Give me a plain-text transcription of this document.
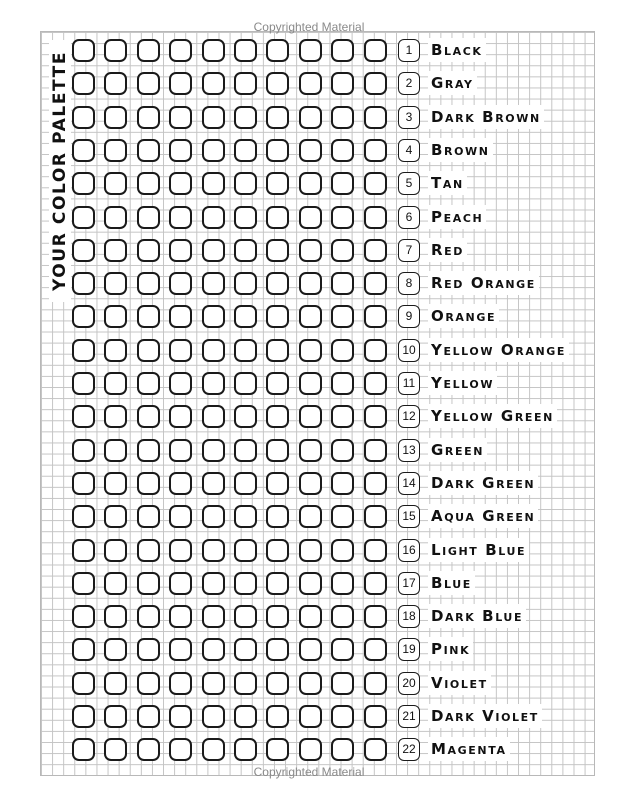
Copyrighted Material
YOUR COLOR PALETTE
1	Black
2	Gray
3	Dark Brown
4	Brown
5	Tan
6	Peach
7	Red
8	Red Orange
9	Orange
10 Yellow Orange
11	Yellow
12 Yellow Green
13 Green
14 Dark Green
15 Aqua Green
16 Light Blue
17 Blue
18 Dark Blue
19 Pink
20 Violet
21 Dark Violet
22 Magenta
Copyrighted Material
